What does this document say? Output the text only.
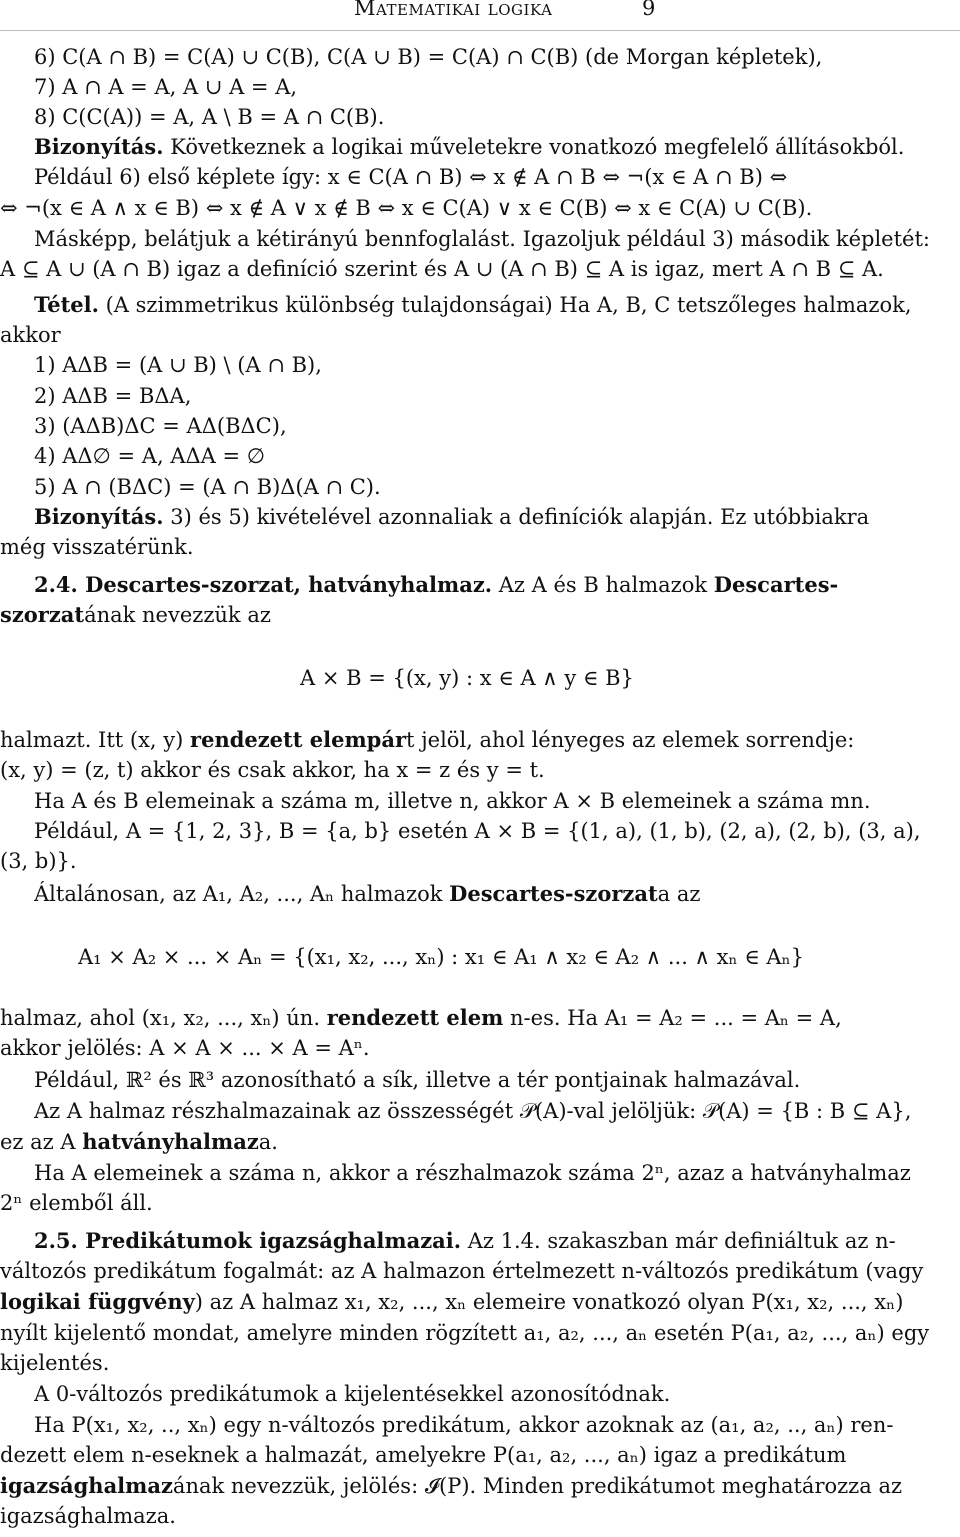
Matematikai logika	9
6) C(A ∩ B) = C(A) ∪ C(B), C(A ∪ B) = C(A) ∩ C(B) (de Morgan képletek),
7) A ∩ A = A, A ∪ A = A,
8) C(C(A)) = A, A \ B = A ∩ C(B).
Bizonyítás. Következnek a logikai műveletekre vonatkozó megfelelő állításokból.
Például 6) első képlete így: x ∈ C(A ∩ B) ⇔ x ∉ A ∩ B ⇔ ¬(x ∈ A ∩ B) ⇔
⇔ ¬(x ∈ A ∧ x ∈ B) ⇔ x ∉ A ∨ x ∉ B ⇔ x ∈ C(A) ∨ x ∈ C(B) ⇔ x ∈ C(A) ∪ C(B).
Másképp, belátjuk a kétirányú bennfoglalást. Igazoljuk például 3) második képletét:
A ⊆ A ∪ (A ∩ B) igaz a definíció szerint és A ∪ (A ∩ B) ⊆ A is igaz, mert A ∩ B ⊆ A.
Tétel. (A szimmetrikus különbség tulajdonságai) Ha A, B, C tetszőleges halmazok,
akkor
1) AΔB = (A ∪ B) \ (A ∩ B),
2) AΔB = BΔA,
3) (AΔB)ΔC = AΔ(BΔC),
4) AΔ∅ = A, AΔA = ∅
5) A ∩ (BΔC) = (A ∩ B)Δ(A ∩ C).
Bizonyítás. 3) és 5) kivételével azonnaliak a definíciók alapján. Ez utóbbiakra
még visszatérünk.
2.4. Descartes-szorzat, hatványhalmaz. Az A és B halmazok Descartes-
szorzatának nevezzük az
A × B = {(x, y) : x ∈ A ∧ y ∈ B}
halmazt. Itt (x, y) rendezett elempárt jelöl, ahol lényeges az elemek sorrendje:
(x, y) = (z, t) akkor és csak akkor, ha x = z és y = t.
Ha A és B elemeinak a száma m, illetve n, akkor A × B elemeinek a száma mn.
Például, A = {1, 2, 3}, B = {a, b} esetén A × B = {(1, a), (1, b), (2, a), (2, b), (3, a),
(3, b)}.
Általánosan, az A₁, A₂, ..., Aₙ halmazok Descartes-szorzata az
A₁ × A₂ × ... × Aₙ = {(x₁, x₂, ..., xₙ) : x₁ ∈ A₁ ∧ x₂ ∈ A₂ ∧ ... ∧ xₙ ∈ Aₙ}
halmaz, ahol (x₁, x₂, ..., xₙ) ún. rendezett elem n-es. Ha A₁ = A₂ = ... = Aₙ = A,
akkor jelölés: A × A × ... × A = Aⁿ.
Például, ℝ² és ℝ³ azonosítható a sík, illetve a tér pontjainak halmazával.
Az A halmaz részhalmazainak az összességét 𝒫(A)-val jelöljük: 𝒫(A) = {B : B ⊆ A},
ez az A hatványhalmaza.
Ha A elemeinek a száma n, akkor a részhalmazok száma 2ⁿ, azaz a hatványhalmaz
2ⁿ elemből áll.
2.5. Predikátumok igazsághalmazai. Az 1.4. szakaszban már definiáltuk az n-
változós predikátum fogalmát: az A halmazon értelmezett n-változós predikátum (vagy
logikai függvény) az A halmaz x₁, x₂, ..., xₙ elemeire vonatkozó olyan P(x₁, x₂, ..., xₙ)
nyílt kijelentő mondat, amelyre minden rögzített a₁, a₂, ..., aₙ esetén P(a₁, a₂, ..., aₙ) egy
kijelentés.
A 0-változós predikátumok a kijelentésekkel azonosítódnak.
Ha P(x₁, x₂, .., xₙ) egy n-változós predikátum, akkor azoknak az (a₁, a₂, .., aₙ) ren-
dezett elem n-eseknek a halmazát, amelyekre P(a₁, a₂, ..., aₙ) igaz a predikátum
igazsághalmazának nevezzük, jelölés: 𝓘(P). Minden predikátumot meghatározza az
igazsághalmaza.
